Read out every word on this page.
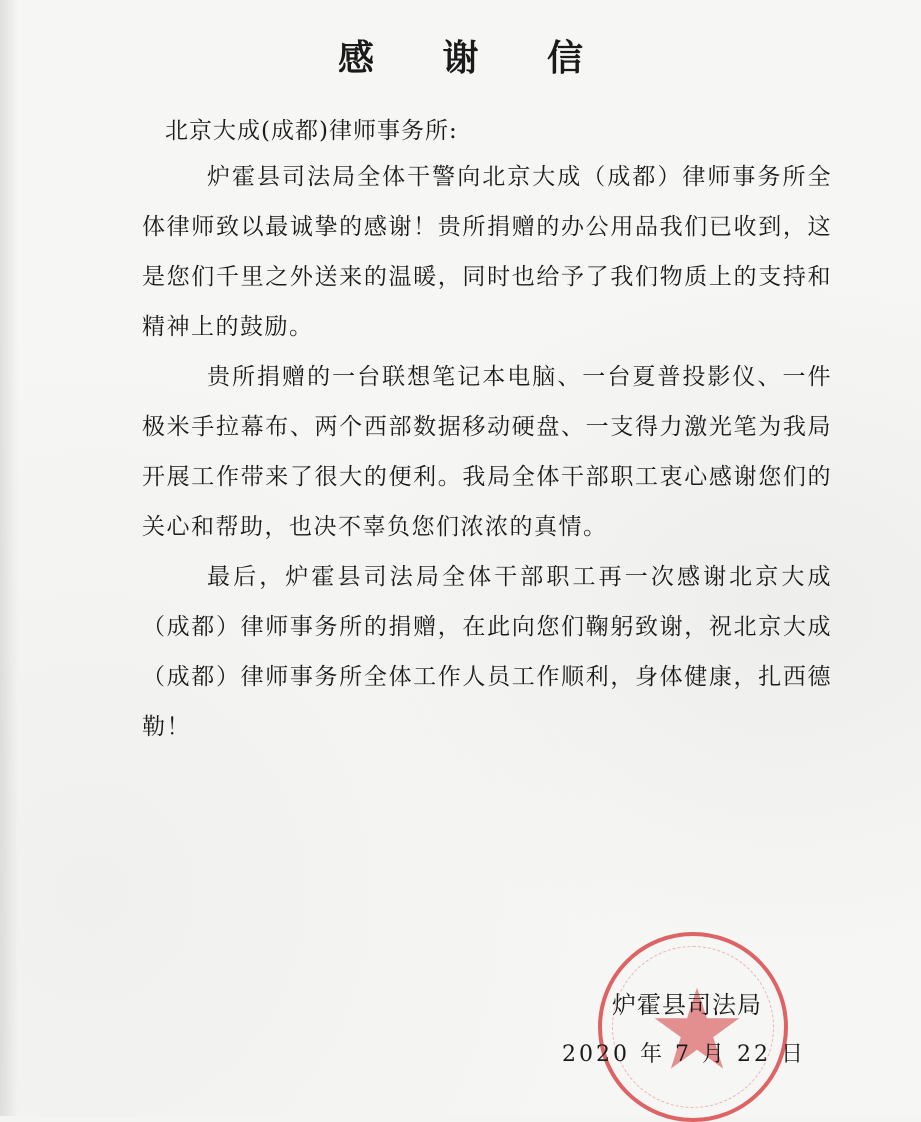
感 谢 信
北京大成(成都)律师事务所:

炉霍县司法局全体干警向北京大成（成都）律师事务所全体律师致以最诚挚的感谢！贵所捐赠的办公用品我们已收到，这是您们千里之外送来的温暖，同时也给予了我们物质上的支持和精神上的鼓励。

贵所捐赠的一台联想笔记本电脑、一台夏普投影仪、一件极米手拉幕布、两个西部数据移动硬盘、一支得力激光笔为我局开展工作带来了很大的便利。我局全体干部职工衷心感谢您们的关心和帮助，也决不辜负您们浓浓的真情。

最后，炉霍县司法局全体干部职工再一次感谢北京大成（成都）律师事务所的捐赠，在此向您们鞠躬致谢，祝北京大成（成都）律师事务所全体工作人员工作顺利，身体健康，扎西德勒！

炉霍县司法局
2020 年 7 月 22 日
